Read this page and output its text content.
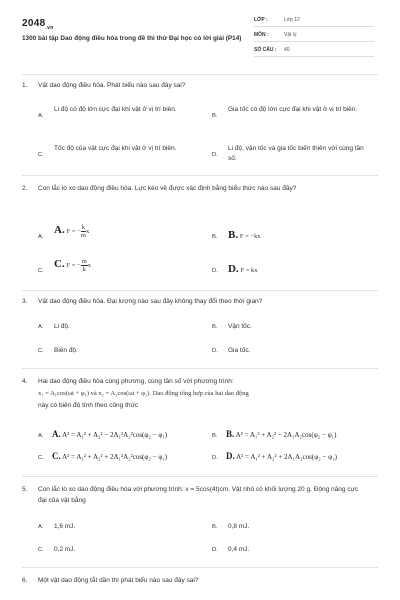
$2048_{.vn}$
1300 bài tập Dao động điều hòa trong đề thi thử Đại học có lời giải (P14)
LỚP :	Lớp 12
MÔN :	Vật lý
SỐ CÂU : 40
1. Vật dao động điều hòa. Phát biểu nào sau đây sai?
A.
Li độ có độ lớn cực đại khi vật ở vị trí biên.
B.
Gia tốc có độ lớn cực đại khi vật ở vị trí biên.
C.
Tốc độ của vật cực đại khi vật ở vị trí biên.
D.
Li độ, vận tốc và gia tốc biến thiên với cùng tần số.
2. Con lắc lò xo dao động điều hòa. Lực kéo về được xác định bằng biểu thức nào sau đây?
A.
A. F = − $\frac{k}{m}$ x
B. B. F = −kx
C.
C. F = − $\frac{m}{k}$ x
D. D. F = kx
3. Vật dao động điều hòa. Đại lượng nào sau đây không thay đổi theo thời gian?
A. Li độ.	B. Vận tốc.
C. Biên độ.	D. Gia tốc.
4. Hai dao động điều hòa cùng phương, cùng tần số với phương trình:
x₁ = A₁cos(ωt + φ₁) và x₂ = A₂cos(ωt + φ₂). Dao động tổng hợp của hai dao động
này có biên độ tính theo công thức
A. A. A² = A₁² + A₂² − 2A₁²A₂²cos(φ₂ − φ₁)	B. B. A² = A₁² + A₂² − 2A₁A₂cos(φ₂ − φ₁)
C. C. A² = A₁² + A₂² + 2A₁²A₂²cos(φ₂ − φ₁)	D. D. A² = A₁² + A₂² + 2A₁A₂cos(φ₂ − φ₁)
5. Con lắc lò xo dao động điều hòa với phương trình: x = 5cos(4t)cm. Vật nhỏ có khối lượng 20 g. Động năng cực đại của vật bằng
A. 1,6 mJ.	B. 0,8 mJ.
C. 0,2 mJ.	D. 0,4 mJ.
6. Một vật dao động tắt dần thì phát biểu nào sau đây sai?
